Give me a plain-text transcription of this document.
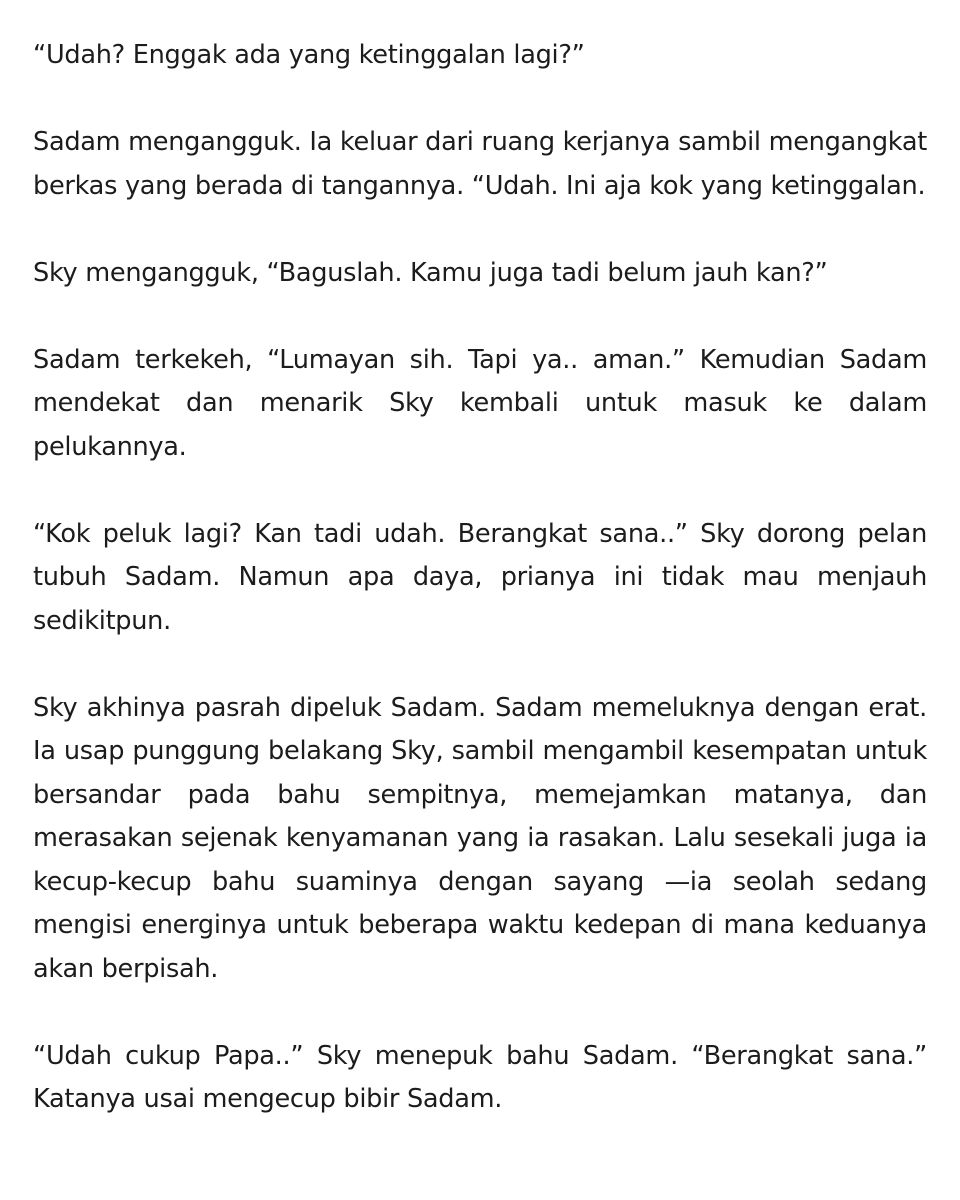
“Udah? Enggak ada yang ketinggalan lagi?”

Sadam mengangguk. Ia keluar dari ruang kerjanya sambil mengangkat berkas yang berada di tangannya. “Udah. Ini aja kok yang ketinggalan.

Sky mengangguk, “Baguslah. Kamu juga tadi belum jauh kan?”

Sadam terkekeh, “Lumayan sih. Tapi ya.. aman.” Kemudian Sadam mendekat dan menarik Sky kembali untuk masuk ke dalam pelukannya.

“Kok peluk lagi? Kan tadi udah. Berangkat sana..” Sky dorong pelan tubuh Sadam. Namun apa daya, prianya ini tidak mau menjauh sedikitpun.

Sky akhinya pasrah dipeluk Sadam. Sadam memeluknya dengan erat. Ia usap punggung belakang Sky, sambil mengambil kesempatan untuk bersandar pada bahu sempitnya, memejamkan matanya, dan merasakan sejenak kenyamanan yang ia rasakan. Lalu sesekali juga ia kecup-kecup bahu suaminya dengan sayang —ia seolah sedang mengisi energinya untuk beberapa waktu kedepan di mana keduanya akan berpisah.

“Udah cukup Papa..” Sky menepuk bahu Sadam. “Berangkat sana.” Katanya usai mengecup bibir Sadam.
